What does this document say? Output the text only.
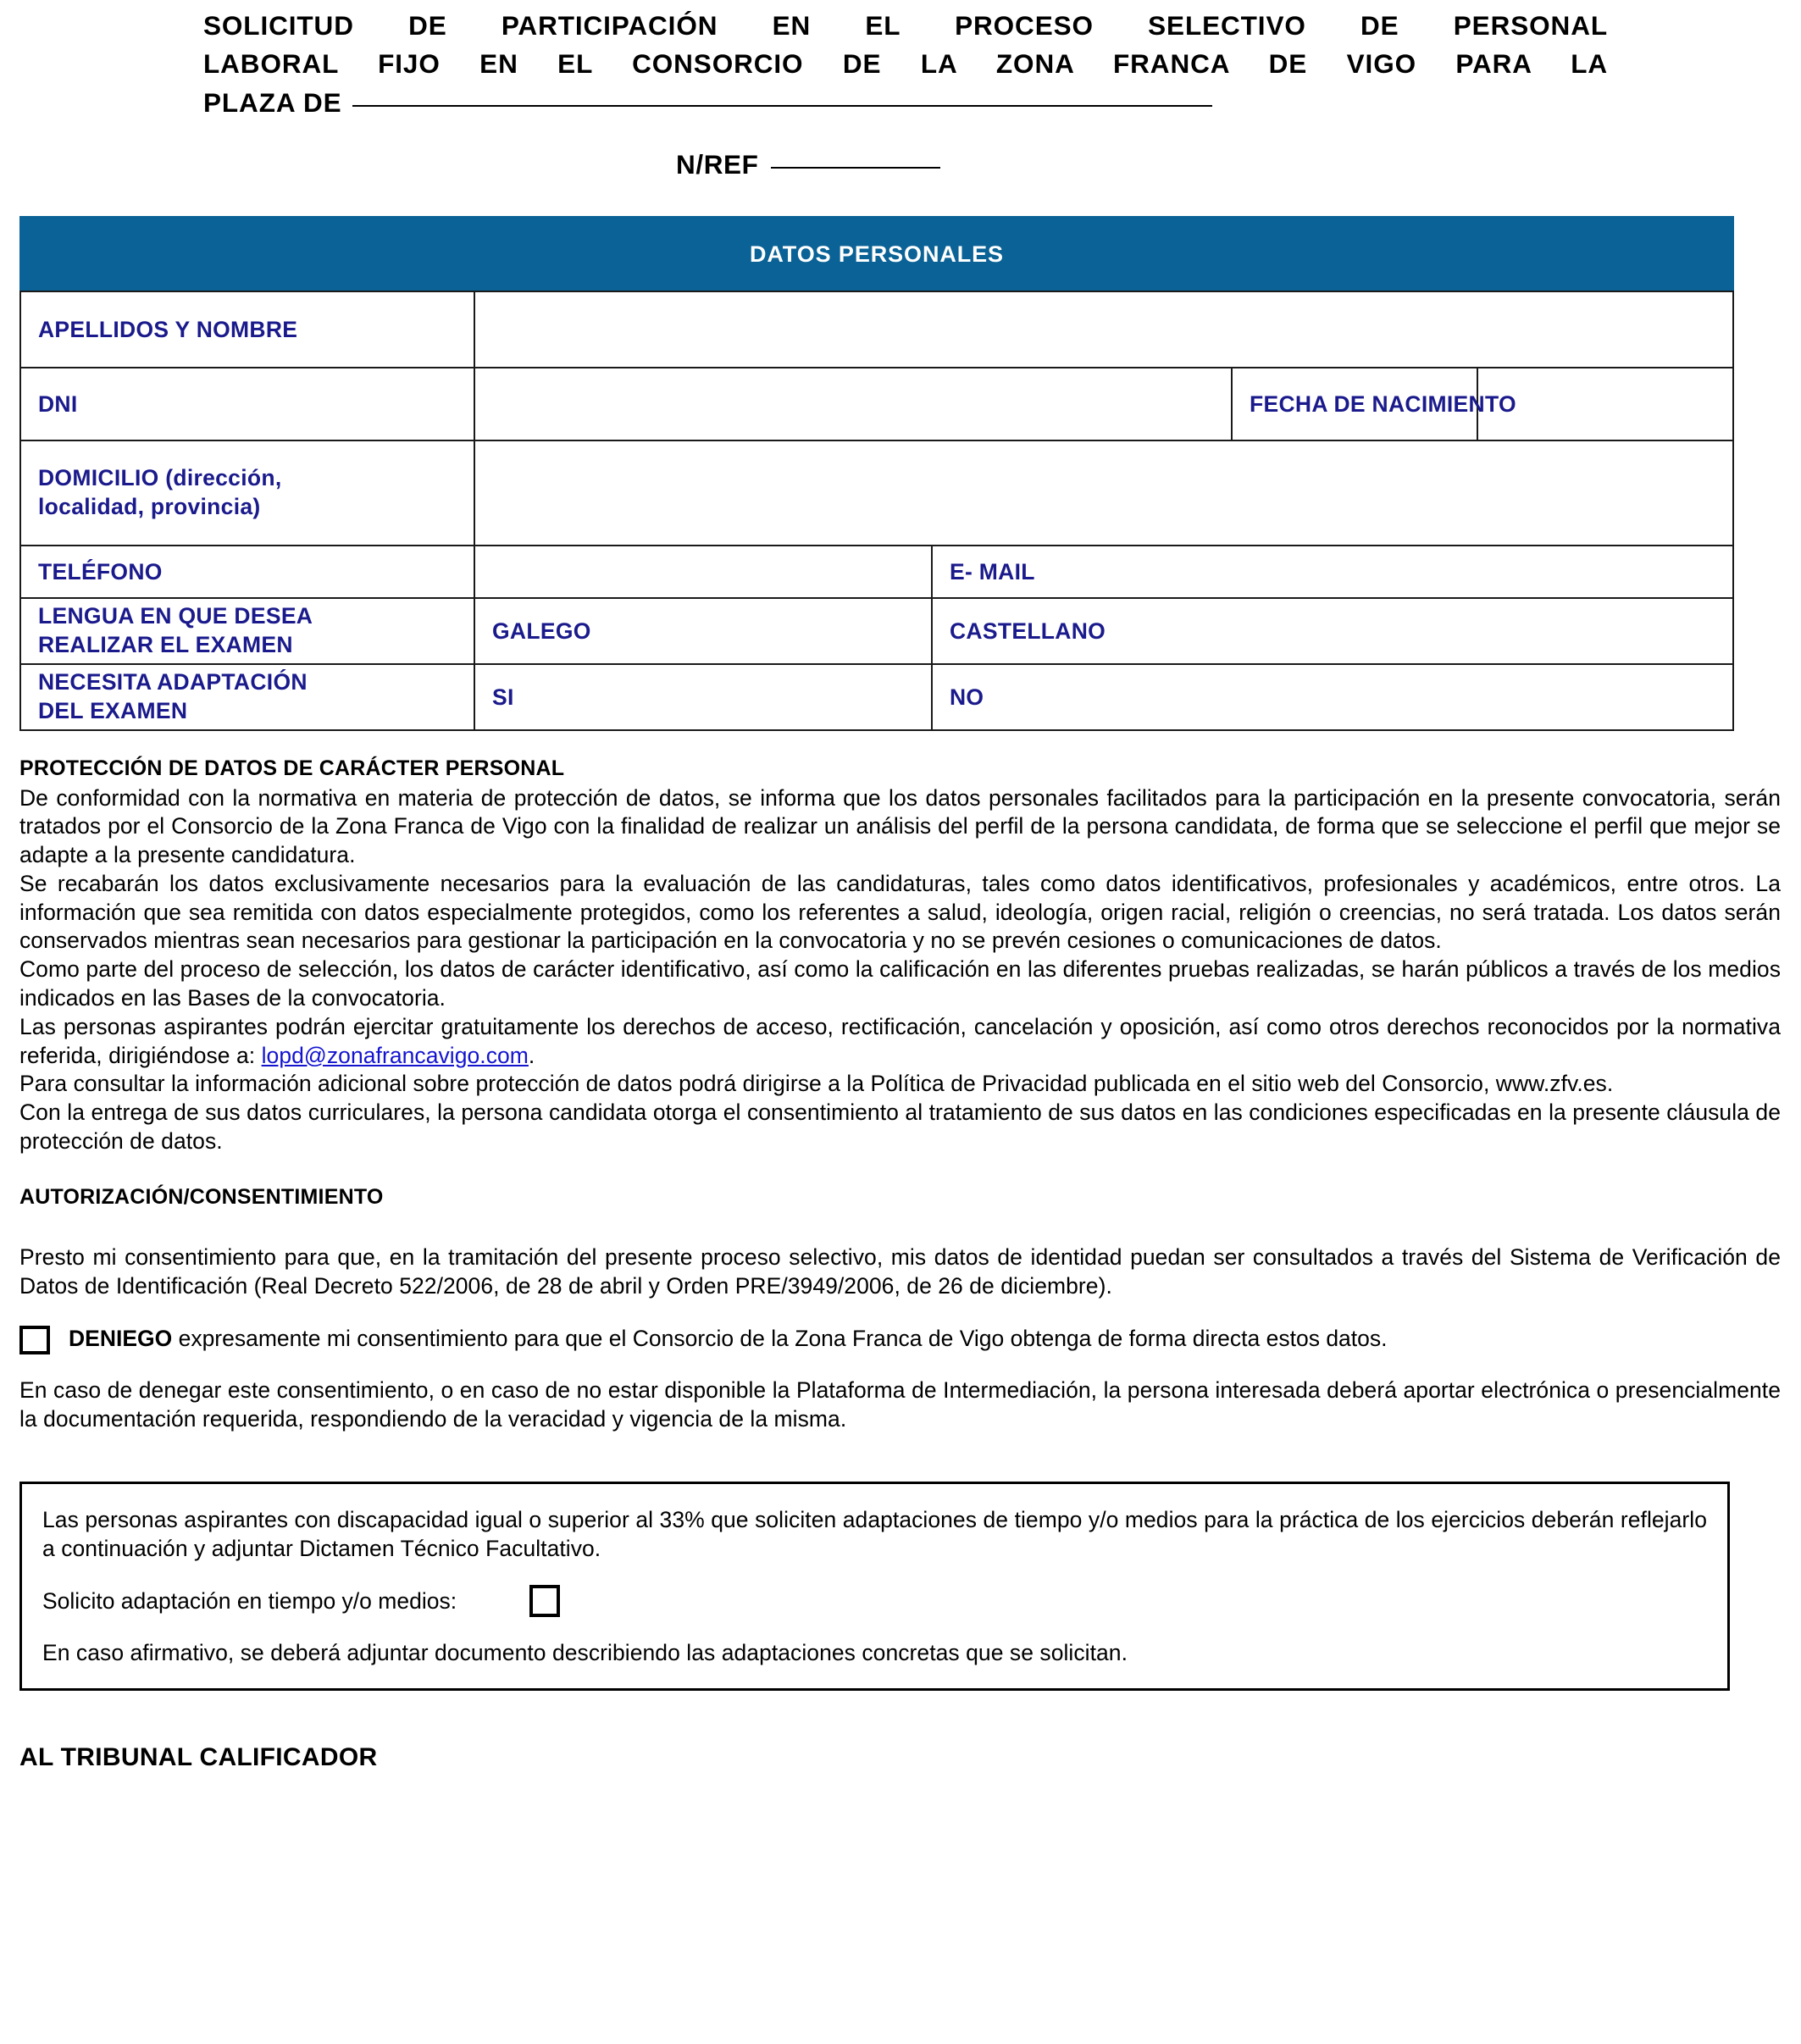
SOLICITUD DE PARTICIPACIÓN EN EL PROCESO SELECTIVO DE PERSONAL
LABORAL FIJO EN EL CONSORCIO DE LA ZONA FRANCA DE VIGO PARA LA
PLAZA DE
N/REF
DATOS PERSONALES				
APELLIDOS Y NOMBRE				
DNI			FECHA DE NACIMIENTO	

DOMICILIO (dirección,
localidad, provincia)				

TELÉFONO		E- MAIL		

LENGUA EN QUE DESEA
REALIZAR EL EXAMEN	GALEGO	CASTELLANO		

NECESITA ADAPTACIÓN
DEL EXAMEN	SI	NO		
PROTECCIÓN DE DATOS DE CARÁCTER PERSONAL

De conformidad con la normativa en materia de protección de datos, se informa que los datos personales facilitados para la participación en la presente convocatoria, serán tratados por el Consorcio de la Zona Franca de Vigo con la finalidad de realizar un análisis del perfil de la persona candidata, de forma que se seleccione el perfil que mejor se adapte a la presente candidatura.

Se recabarán los datos exclusivamente necesarios para la evaluación de las candidaturas, tales como datos identificativos, profesionales y académicos, entre otros. La información que sea remitida con datos especialmente protegidos, como los referentes a salud, ideología, origen racial, religión o creencias, no será tratada. Los datos serán conservados mientras sean necesarios para gestionar la participación en la convocatoria y no se prevén cesiones o comunicaciones de datos.

Como parte del proceso de selección, los datos de carácter identificativo, así como la calificación en las diferentes pruebas realizadas, se harán públicos a través de los medios indicados en las Bases de la convocatoria.

Las personas aspirantes podrán ejercitar gratuitamente los derechos de acceso, rectificación, cancelación y oposición, así como otros derechos reconocidos por la normativa referida, dirigiéndose a: lopd@zonafrancavigo.com.

Para consultar la información adicional sobre protección de datos podrá dirigirse a la Política de Privacidad publicada en el sitio web del Consorcio, www.zfv.es.

Con la entrega de sus datos curriculares, la persona candidata otorga el consentimiento al tratamiento de sus datos en las condiciones especificadas en la presente cláusula de protección de datos.

AUTORIZACIÓN/CONSENTIMIENTO

Presto mi consentimiento para que, en la tramitación del presente proceso selectivo, mis datos de identidad puedan ser consultados a través del Sistema de Verificación de Datos de Identificación (Real Decreto 522/2006, de 28 de abril y Orden PRE/3949/2006, de 26 de diciembre).

DENIEGO expresamente mi consentimiento para que el Consorcio de la Zona Franca de Vigo obtenga de forma directa estos datos.

En caso de denegar este consentimiento, o en caso de no estar disponible la Plataforma de Intermediación, la persona interesada deberá aportar electrónica o presencialmente la documentación requerida, respondiendo de la veracidad y vigencia de la misma.

Las personas aspirantes con discapacidad igual o superior al 33% que soliciten adaptaciones de tiempo y/o medios para la práctica de los ejercicios deberán reflejarlo a continuación y adjuntar Dictamen Técnico Facultativo.

Solicito adaptación en tiempo y/o medios:

En caso afirmativo, se deberá adjuntar documento describiendo las adaptaciones concretas que se solicitan.

AL TRIBUNAL CALIFICADOR
